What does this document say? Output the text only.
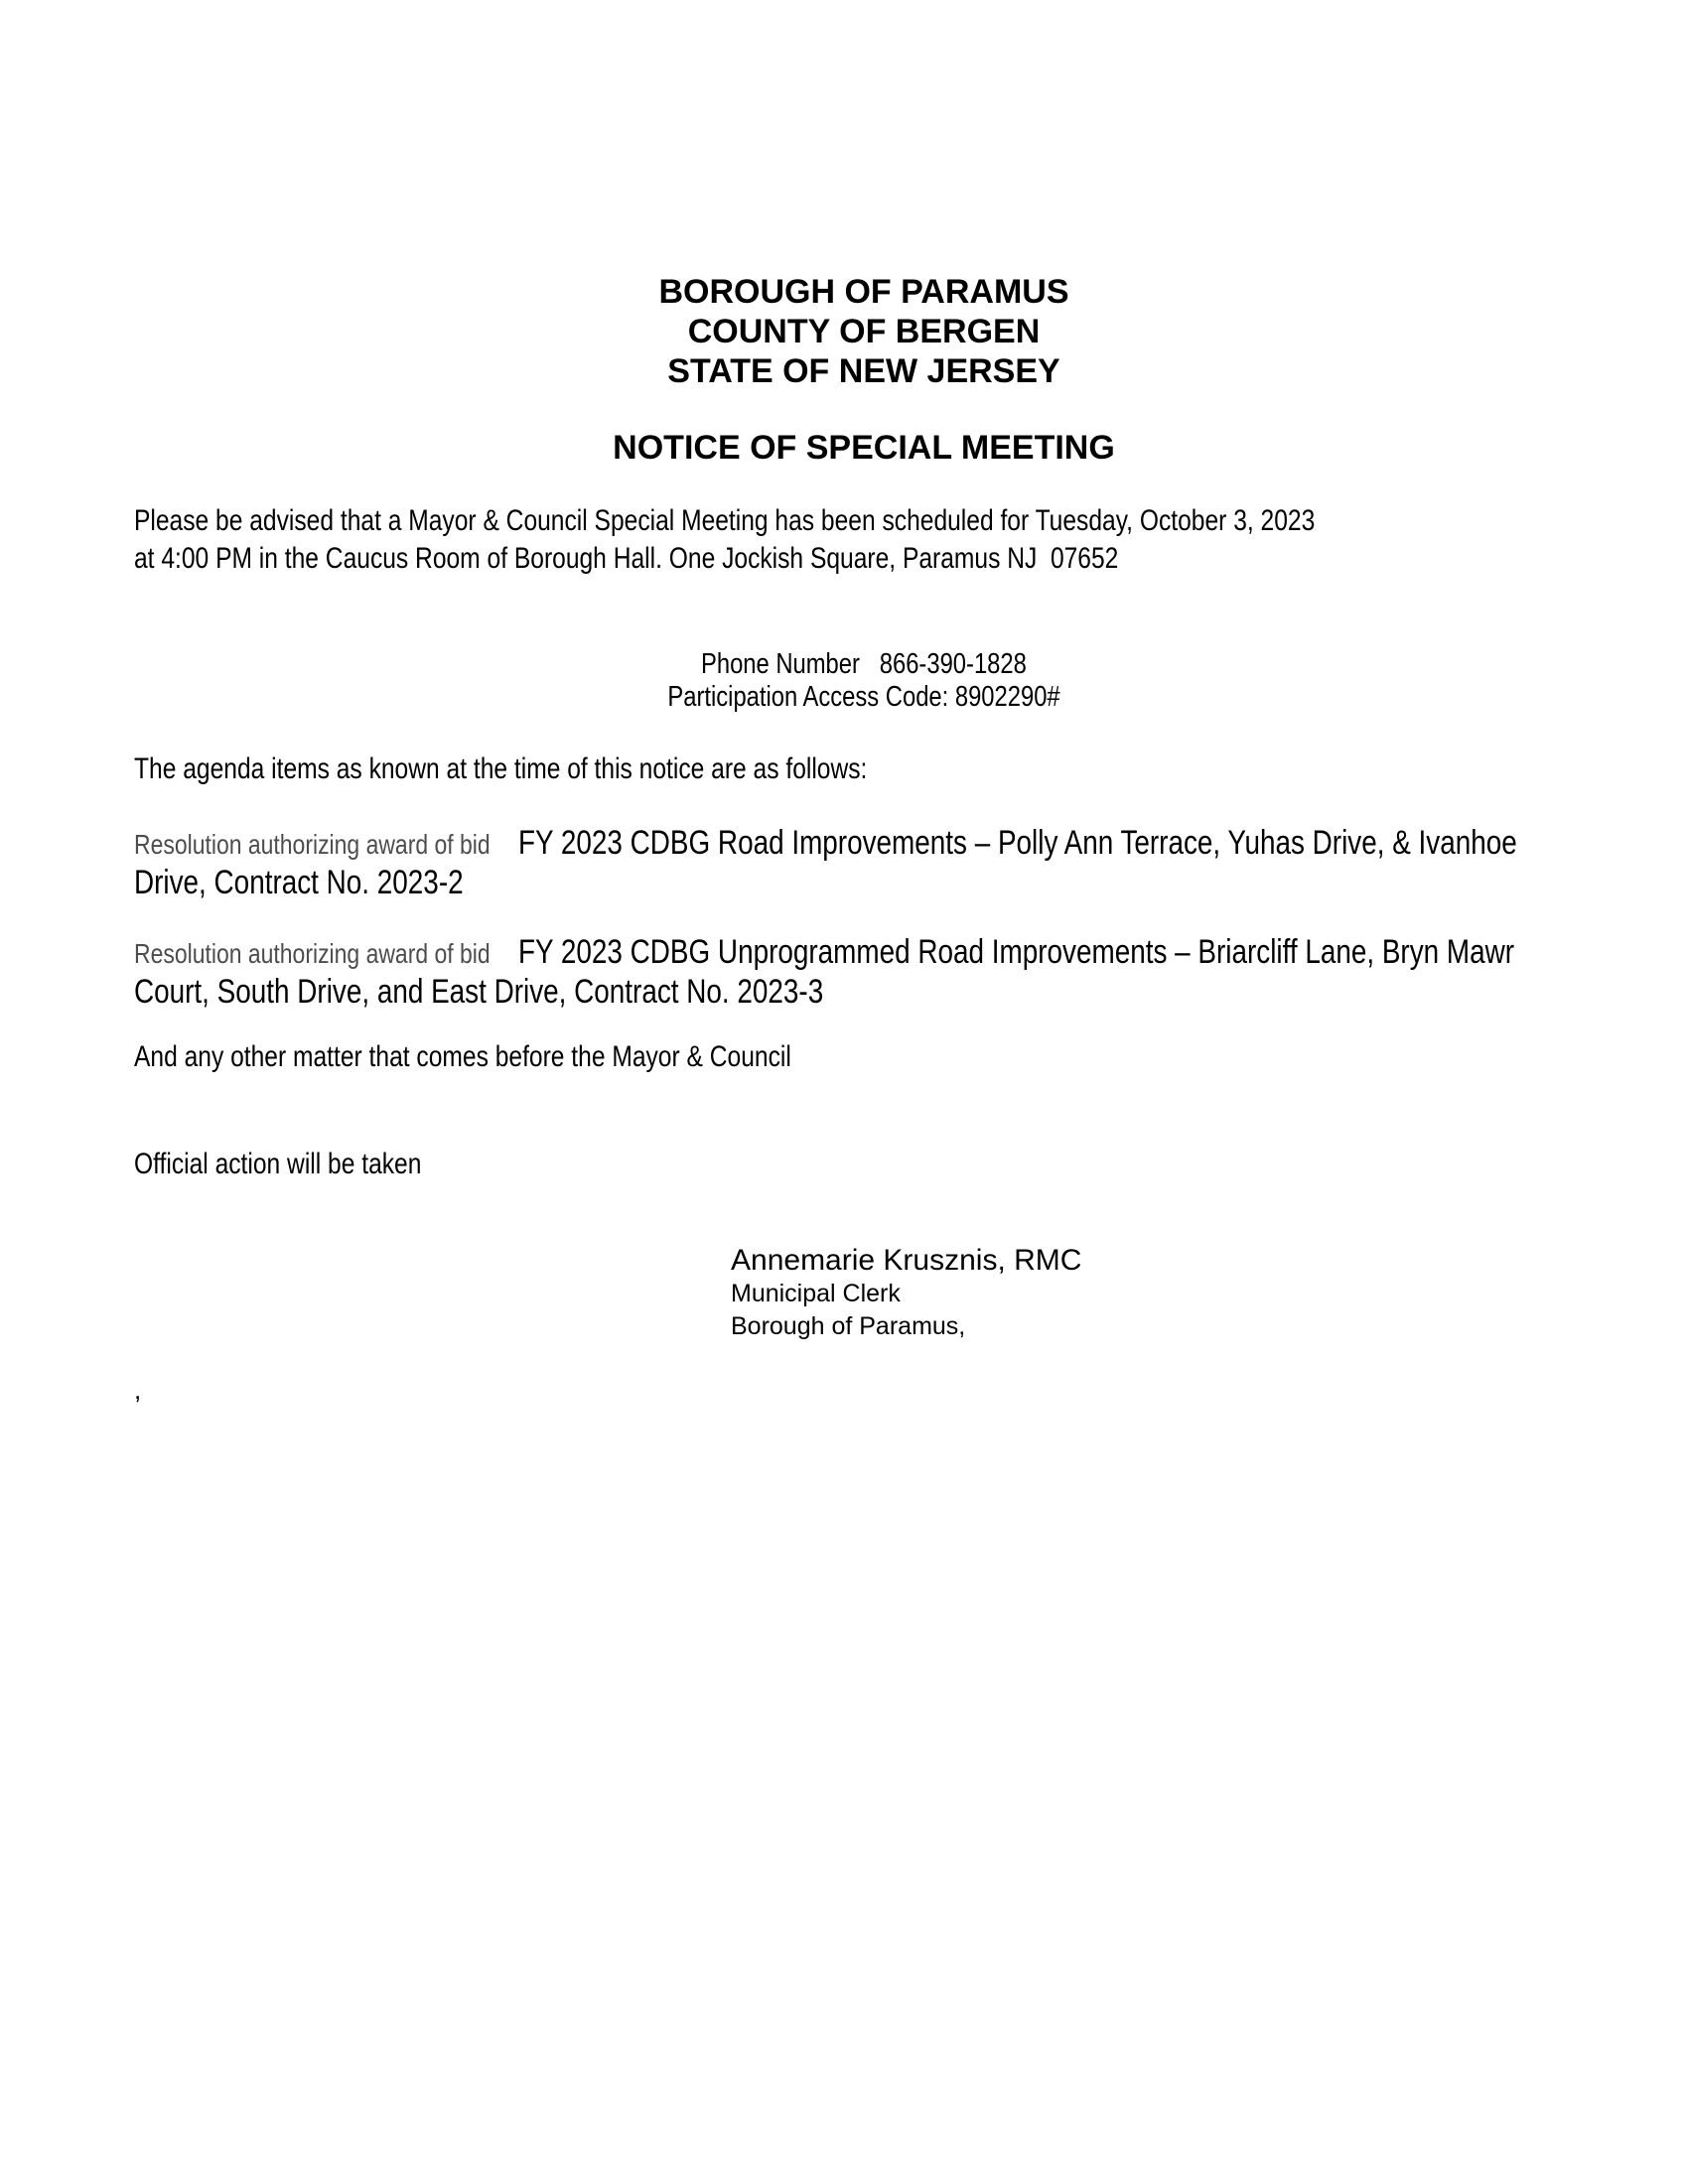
BOROUGH OF PARAMUS
COUNTY OF BERGEN
STATE OF NEW JERSEY
NOTICE OF SPECIAL MEETING
Please be advised that a Mayor & Council Special Meeting has been scheduled for Tuesday, October 3, 2023
at 4:00 PM in the Caucus Room of Borough Hall. One Jockish Square, Paramus NJ  07652
Phone Number   866-390-1828
Participation Access Code: 8902290#
The agenda items as known at the time of this notice are as follows:
Resolution authorizing award of bid FY 2023 CDBG Road Improvements – Polly Ann Terrace, Yuhas Drive, & Ivanhoe
Drive, Contract No. 2023-2
Resolution authorizing award of bid FY 2023 CDBG Unprogrammed Road Improvements – Briarcliff Lane, Bryn Mawr
Court, South Drive, and East Drive, Contract No. 2023-3
And any other matter that comes before the Mayor & Council
Official action will be taken
Annemarie Krusznis, RMC
Municipal Clerk
Borough of Paramus,
,
